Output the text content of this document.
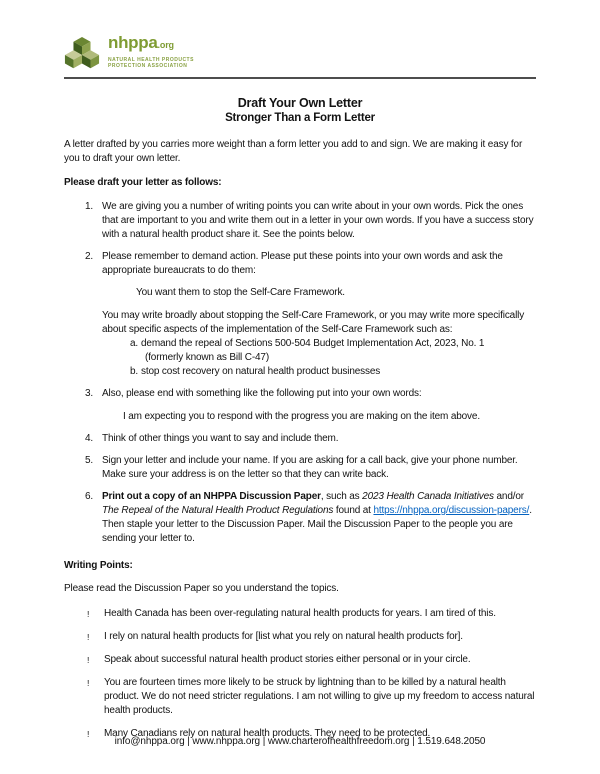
nhppa.org
NATURAL HEALTH PRODUCTS
PROTECTION ASSOCIATION
Draft Your Own Letter
Stronger Than a Form Letter

A letter drafted by you carries more weight than a form letter you add to and sign. We are making it easy for you to draft your own letter.

Please draft your letter as follows:

1. We are giving you a number of writing points you can write about in your own words. Pick the ones that are important to you and write them out in a letter in your own words. If you have a success story with a natural health product share it. See the points below.
2. Please remember to demand action. Please put these points into your own words and ask the appropriate bureaucrats to do them:
You want them to stop the Self-Care Framework.
You may write broadly about stopping the Self-Care Framework, or you may write more specifically about specific aspects of the implementation of the Self-Care Framework such as:
a. demand the repeal of Sections 500-504 Budget Implementation Act, 2023, No. 1
(formerly known as Bill C-47)
b. stop cost recovery on natural health product businesses
3. Also, please end with something like the following put into your own words:
I am expecting you to respond with the progress you are making on the item above.
4. Think of other things you want to say and include them.
5. Sign your letter and include your name. If you are asking for a call back, give your phone number. Make sure your address is on the letter so that they can write back.
6. Print out a copy of an NHPPA Discussion Paper, such as 2023 Health Canada Initiatives and/or The Repeal of the Natural Health Product Regulations found at https://nhppa.org/discussion-papers/. Then staple your letter to the Discussion Paper. Mail the Discussion Paper to the people you are sending your letter to.

Writing Points:

Please read the Discussion Paper so you understand the topics.

!	Health Canada has been over-regulating natural health products for years. I am tired of this.
!	I rely on natural health products for [list what you rely on natural health products for].
!	Speak about successful natural health product stories either personal or in your circle.
!	You are fourteen times more likely to be struck by lightning than to be killed by a natural health product. We do not need stricter regulations. I am not willing to give up my freedom to access natural health products.
!	Many Canadians rely on natural health products. They need to be protected.
info@nhppa.org | www.nhppa.org | www.charterofhealthfreedom.org | 1.519.648.2050
